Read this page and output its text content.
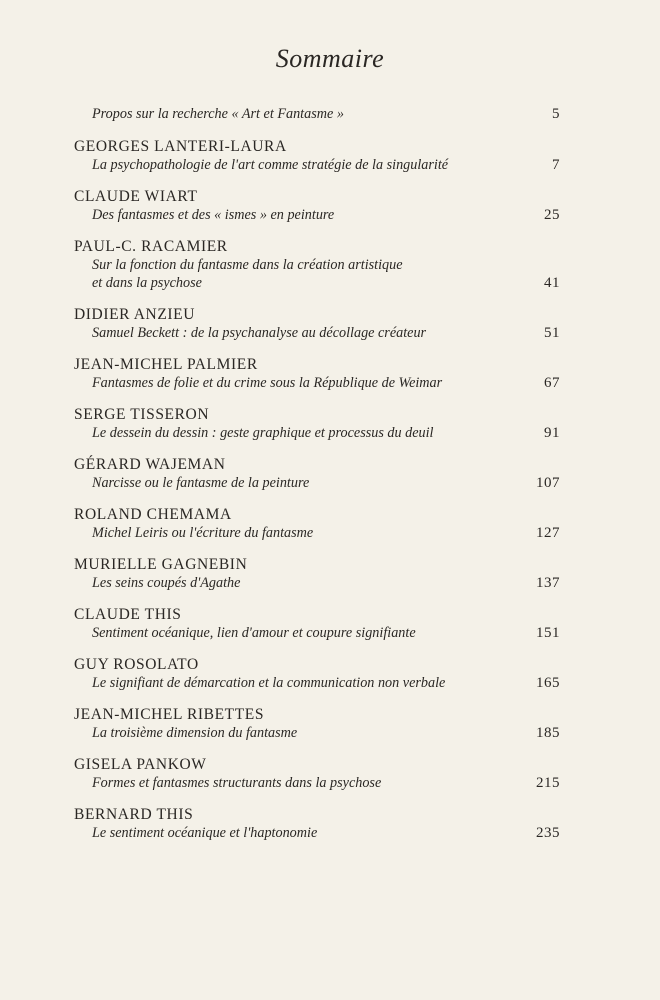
Sommaire
Propos sur la recherche « Art et Fantasme »	5
GEORGES LANTERI-LAURA
La psychopathologie de l'art comme stratégie de la singularité	7
CLAUDE WIART
Des fantasmes et des « ismes » en peinture	25
PAUL-C. RACAMIER
Sur la fonction du fantasme dans la création artistique
et dans la psychose	41
DIDIER ANZIEU
Samuel Beckett : de la psychanalyse au décollage créateur	51
JEAN-MICHEL PALMIER
Fantasmes de folie et du crime sous la République de Weimar	67
SERGE TISSERON
Le dessein du dessin : geste graphique et processus du deuil	91
GÉRARD WAJEMAN
Narcisse ou le fantasme de la peinture	107
ROLAND CHEMAMA
Michel Leiris ou l'écriture du fantasme	127
MURIELLE GAGNEBIN
Les seins coupés d'Agathe	137
CLAUDE THIS
Sentiment océanique, lien d'amour et coupure signifiante	151
GUY ROSOLATO
Le signifiant de démarcation et la communication non verbale	165
JEAN-MICHEL RIBETTES
La troisième dimension du fantasme	185
GISELA PANKOW
Formes et fantasmes structurants dans la psychose	215
BERNARD THIS
Le sentiment océanique et l'haptonomie	235
